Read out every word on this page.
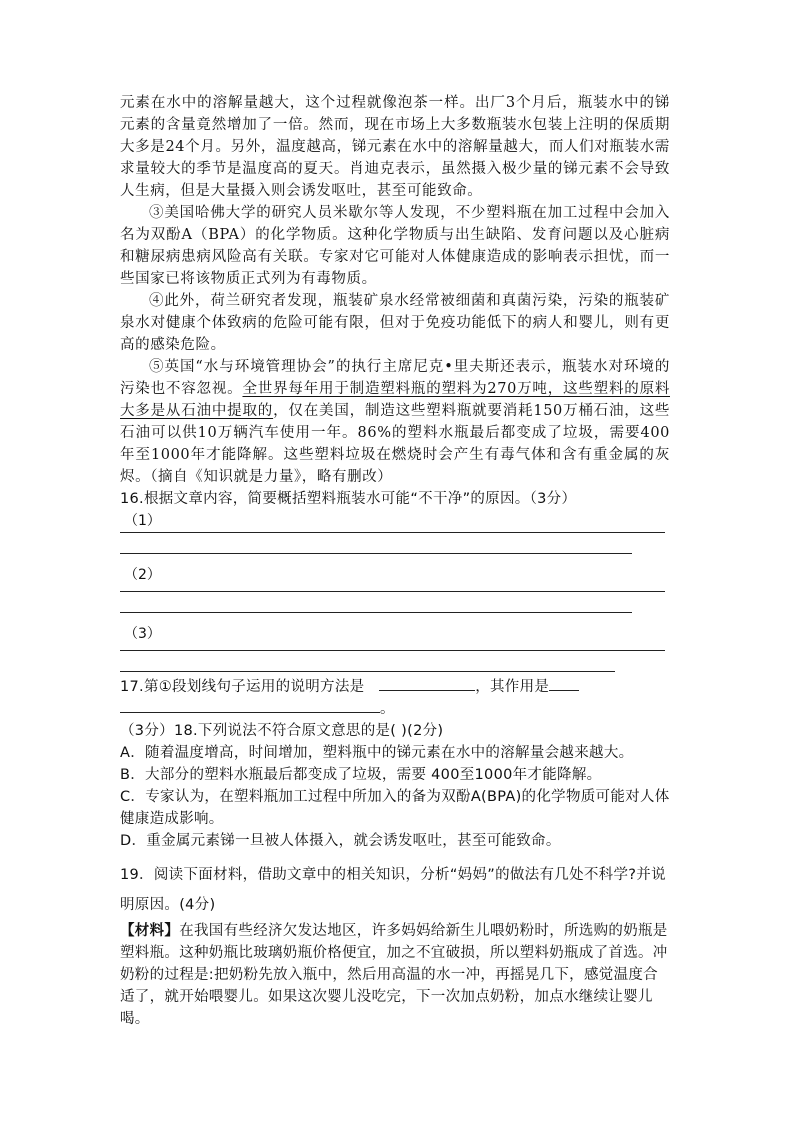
元素在水中的溶解量越大，这个过程就像泡茶一样。出厂3个月后，瓶装水中的锑元素的含量竟然增加了一倍。然而，现在市场上大多数瓶装水包装上注明的保质期大多是24个月。另外，温度越高，锑元素在水中的溶解量越大，而人们对瓶装水需求量较大的季节是温度高的夏天。肖迪克表示，虽然摄入极少量的锑元素不会导致人生病，但是大量摄入则会诱发呕吐，甚至可能致命。

③美国哈佛大学的研究人员米歇尔等人发现，不少塑料瓶在加工过程中会加入名为双酚A（BPA）的化学物质。这种化学物质与出生缺陷、发育问题以及心脏病和糖尿病患病风险高有关联。专家对它可能对人体健康造成的影响表示担忧，而一些国家已将该物质正式列为有毒物质。

④此外，荷兰研究者发现，瓶装矿泉水经常被细菌和真菌污染，污染的瓶装矿泉水对健康个体致病的危险可能有限，但对于免疫功能低下的病人和婴儿，则有更高的感染危险。

⑤英国“水与环境管理协会”的执行主席尼克•里夫斯还表示，瓶装水对环境的污染也不容忽视。全世界每年用于制造塑料瓶的塑料为270万吨，这些塑料的原料大多是从石油中提取的，仅在美国，制造这些塑料瓶就要消耗150万桶石油，这些石油可以供10万辆汽车使用一年。86%的塑料水瓶最后都变成了垃圾，需要400年至1000年才能降解。这些塑料垃圾在燃烧时会产生有毒气体和含有重金属的灰烬。（摘自《知识就是力量》，略有删改）

16.根据文章内容，简要概括塑料瓶装水可能“不干净”的原因。（3分）

（1）

（2）

（3）

17.第①段划线句子运用的说明方法是	，其作用是

。

（3分）18.下列说法不符合原文意思的是( )(2分)

A．随着温度增高，时间增加，塑料瓶中的锑元素在水中的溶解量会越来越大。

B．大部分的塑料水瓶最后都变成了垃圾，需要 400至1000年才能降解。

C．专家认为，在塑料瓶加工过程中所加入的备为双酚A(BPA)的化学物质可能对人体健康造成影响。

D．重金属元素锑一旦被人体摄入，就会诱发呕吐，甚至可能致命。

19．阅读下面材料，借助文章中的相关知识，分析“妈妈”的做法有几处不科学?并说明原因。(4分)

【材料】在我国有些经济欠发达地区，许多妈妈给新生儿喂奶粉时，所选购的奶瓶是塑料瓶。这种奶瓶比玻璃奶瓶价格便宜，加之不宜破损，所以塑料奶瓶成了首选。冲奶粉的过程是:把奶粉先放入瓶中，然后用高温的水一冲，再摇晃几下，感觉温度合适了，就开始喂婴儿。如果这次婴儿没吃完，下一次加点奶粉，加点水继续让婴儿喝。
